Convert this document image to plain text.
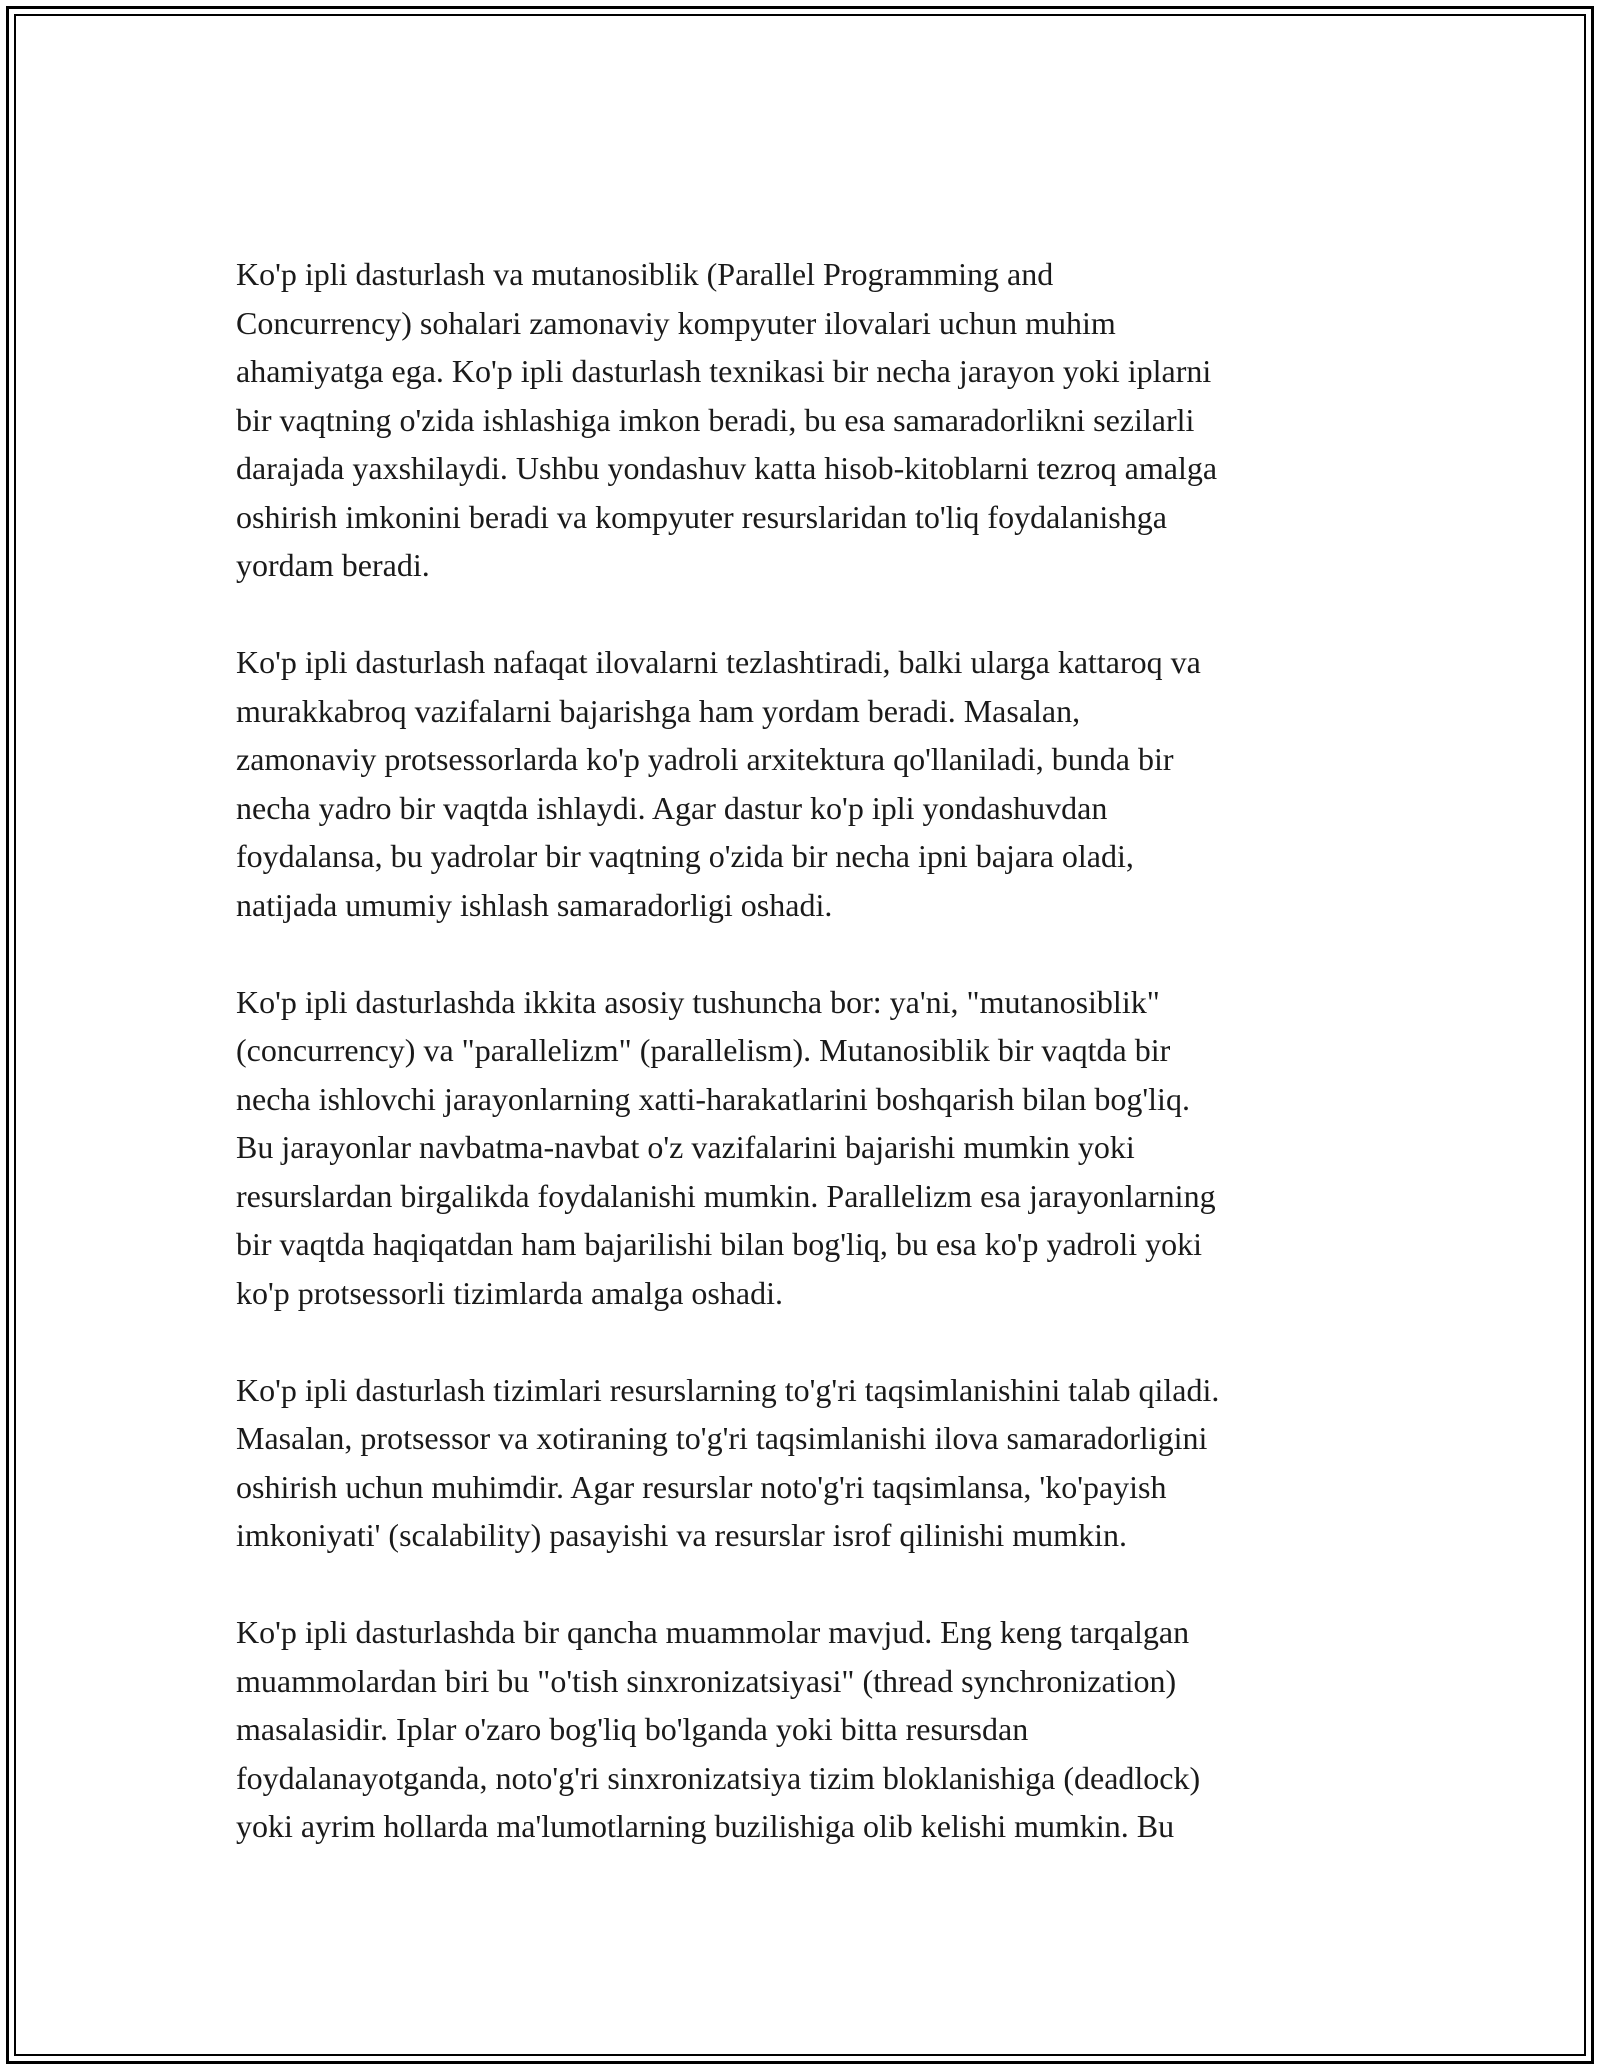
Ko'p ipli dasturlash va mutanosiblik (Parallel Programming and
Concurrency) sohalari zamonaviy kompyuter ilovalari uchun muhim
ahamiyatga ega. Ko'p ipli dasturlash texnikasi bir necha jarayon yoki iplarni
bir vaqtning o'zida ishlashiga imkon beradi, bu esa samaradorlikni sezilarli
darajada yaxshilaydi. Ushbu yondashuv katta hisob-kitoblarni tezroq amalga
oshirish imkonini beradi va kompyuter resurslaridan to'liq foydalanishga
yordam beradi.

Ko'p ipli dasturlash nafaqat ilovalarni tezlashtiradi, balki ularga kattaroq va
murakkabroq vazifalarni bajarishga ham yordam beradi. Masalan,
zamonaviy protsessorlarda ko'p yadroli arxitektura qo'llaniladi, bunda bir
necha yadro bir vaqtda ishlaydi. Agar dastur ko'p ipli yondashuvdan
foydalansa, bu yadrolar bir vaqtning o'zida bir necha ipni bajara oladi,
natijada umumiy ishlash samaradorligi oshadi.

Ko'p ipli dasturlashda ikkita asosiy tushuncha bor: ya'ni, "mutanosiblik"
(concurrency) va "parallelizm" (parallelism). Mutanosiblik bir vaqtda bir
necha ishlovchi jarayonlarning xatti-harakatlarini boshqarish bilan bog'liq.
Bu jarayonlar navbatma-navbat o'z vazifalarini bajarishi mumkin yoki
resurslardan birgalikda foydalanishi mumkin. Parallelizm esa jarayonlarning
bir vaqtda haqiqatdan ham bajarilishi bilan bog'liq, bu esa ko'p yadroli yoki
ko'p protsessorli tizimlarda amalga oshadi.

Ko'p ipli dasturlash tizimlari resurslarning to'g'ri taqsimlanishini talab qiladi.
Masalan, protsessor va xotiraning to'g'ri taqsimlanishi ilova samaradorligini
oshirish uchun muhimdir. Agar resurslar noto'g'ri taqsimlansa, 'ko'payish
imkoniyati' (scalability) pasayishi va resurslar isrof qilinishi mumkin.

Ko'p ipli dasturlashda bir qancha muammolar mavjud. Eng keng tarqalgan
muammolardan biri bu "o'tish sinxronizatsiyasi" (thread synchronization)
masalasidir. Iplar o'zaro bog'liq bo'lganda yoki bitta resursdan
foydalanayotganda, noto'g'ri sinxronizatsiya tizim bloklanishiga (deadlock)
yoki ayrim hollarda ma'lumotlarning buzilishiga olib kelishi mumkin. Bu
